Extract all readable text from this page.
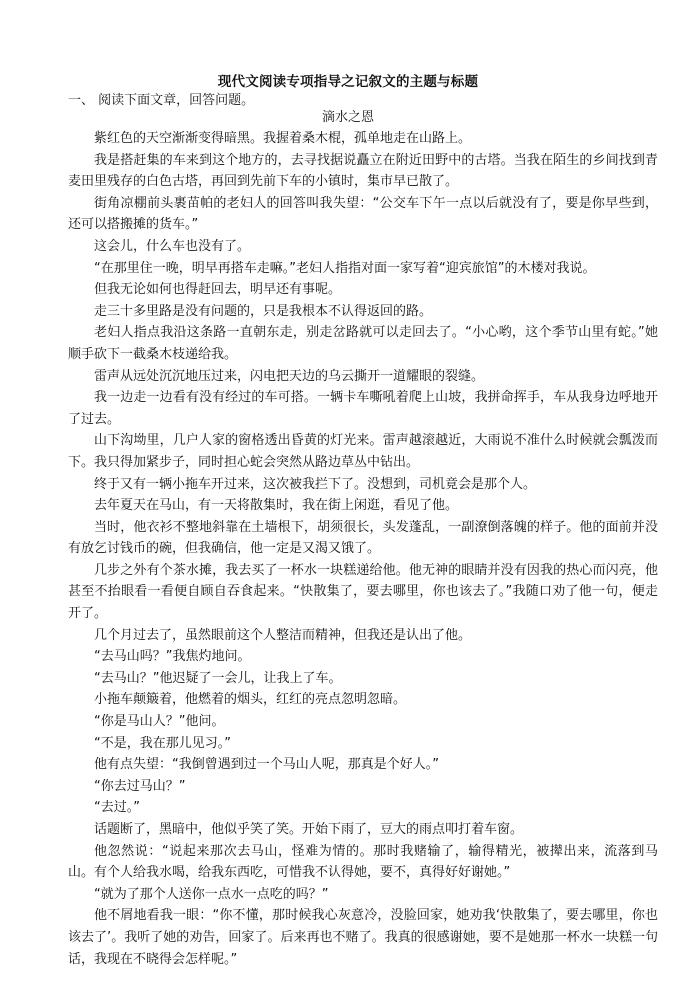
现代文阅读专项指导之记叙文的主题与标题
一、 阅读下面文章，回答问题。
滴水之恩

紫红色的天空渐渐变得暗黑。我握着桑木棍，孤单地走在山路上。

我是搭赶集的车来到这个地方的，去寻找据说矗立在附近田野中的古塔。当我在陌生的乡间找到青麦田里残存的白色古塔，再回到先前下车的小镇时，集市早已散了。

街角凉棚前头裹苗帕的老妇人的回答叫我失望：“公交车下午一点以后就没有了，要是你早些到，还可以搭搬摊的货车。”

这会儿，什么车也没有了。

“在那里住一晚，明早再搭车走嘛。”老妇人指指对面一家写着“迎宾旅馆”的木楼对我说。

但我无论如何也得赶回去，明早还有事呢。

走三十多里路是没有问题的，只是我根本不认得返回的路。

老妇人指点我沿这条路一直朝东走，别走岔路就可以走回去了。“小心哟，这个季节山里有蛇。”她顺手砍下一截桑木枝递给我。

雷声从远处沉沉地压过来，闪电把天边的乌云撕开一道耀眼的裂缝。

我一边走一边看有没有经过的车可搭。一辆卡车嘶吼着爬上山坡，我拼命挥手，车从我身边呼地开了过去。

山下沟坳里，几户人家的窗格透出昏黄的灯光来。雷声越滚越近，大雨说不准什么时候就会瓢泼而下。我只得加紧步子，同时担心蛇会突然从路边草丛中钻出。

终于又有一辆小拖车开过来，这次被我拦下了。没想到，司机竟会是那个人。

去年夏天在马山，有一天将散集时，我在街上闲逛，看见了他。

当时，他衣衫不整地斜靠在土墙根下，胡须很长，头发蓬乱，一副潦倒落魄的样子。他的面前并没有放乞讨钱币的碗，但我确信，他一定是又渴又饿了。

几步之外有个茶水摊，我去买了一杯水一块糕递给他。他无神的眼睛并没有因我的热心而闪亮，他甚至不抬眼看一看便自顾自吞食起来。“快散集了，要去哪里，你也该去了。”我随口劝了他一句，便走开了。

几个月过去了，虽然眼前这个人整洁而精神，但我还是认出了他。

“去马山吗？”我焦灼地问。

“去马山？”他迟疑了一会儿，让我上了车。

小拖车颠簸着，他燃着的烟头，红红的亮点忽明忽暗。

“你是马山人？”他问。

“不是，我在那儿见习。”

他有点失望：“我倒曾遇到过一个马山人呢，那真是个好人。”

“你去过马山？”

“去过。”

话题断了，黑暗中，他似乎笑了笑。开始下雨了，豆大的雨点叩打着车窗。

他忽然说：“说起来那次去马山，怪难为情的。那时我赌输了，输得精光，被撵出来，流落到马山。有个人给我水喝，给我东西吃，可惜我不认得她，要不，真得好好谢她。”

“就为了那个人送你一点水一点吃的吗？”

他不屑地看我一眼：“你不懂，那时候我心灰意冷，没脸回家，她劝我‘快散集了，要去哪里，你也该去了’。我听了她的劝告，回家了。后来再也不赌了。我真的很感谢她，要不是她那一杯水一块糕一句话，我现在不晓得会怎样呢。”
